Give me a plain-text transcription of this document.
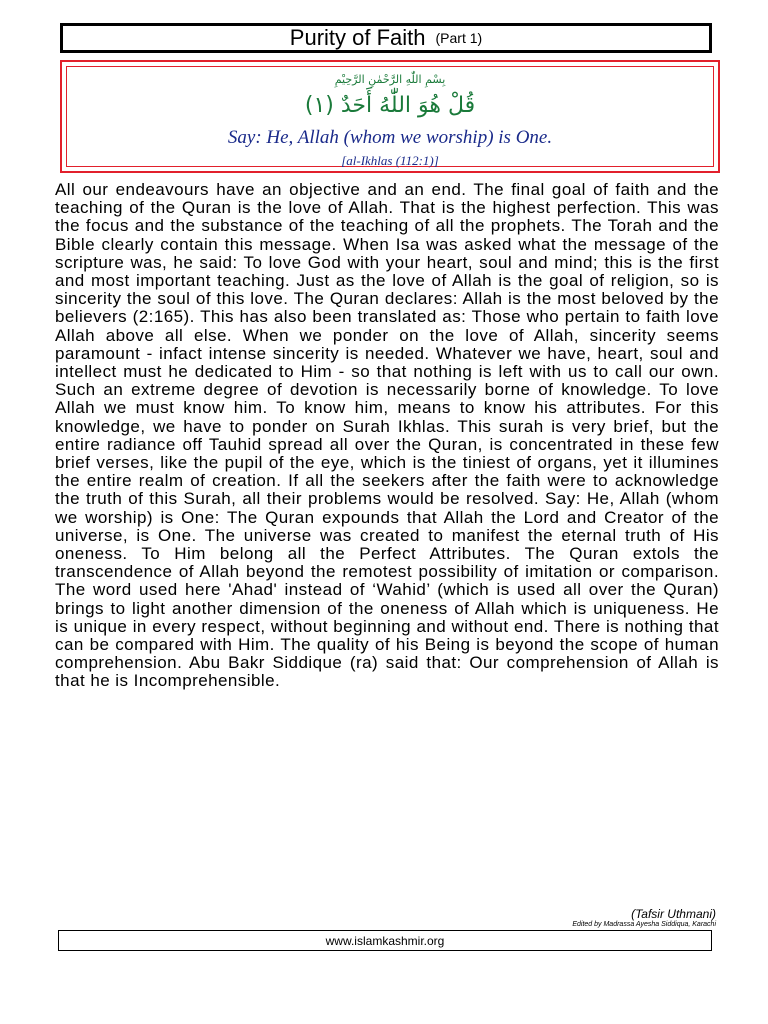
Purity of Faith (Part 1)
بِسْمِ اللّٰهِ الرَّحْمٰنِ الرَّحِيْمِ
قُلْ هُوَ اللّٰهُ أَحَدٌ (١)
Say: He, Allah (whom we worship) is One.
[al-Ikhlas (112:1)]

All our endeavours have an objective and an end. The final goal of faith and the teaching of the Quran is the love of Allah. That is the highest perfection. This was the focus and the substance of the teaching of all the prophets. The Torah and the Bible clearly contain this message. When Isa was asked what the message of the scripture was, he said: To love God with your heart, soul and mind; this is the first and most important teaching. Just as the love of Allah is the goal of religion, so is sincerity the soul of this love. The Quran declares: Allah is the most beloved by the believers (2:165). This has also been translated as: Those who pertain to faith love Allah above all else. When we ponder on the love of Allah, sincerity seems paramount - infact intense sincerity is needed. Whatever we have, heart, soul and intellect must he dedicated to Him - so that nothing is left with us to call our own. Such an extreme degree of devotion is necessarily borne of knowledge. To love Allah we must know him. To know him, means to know his attributes. For this knowledge, we have to ponder on Surah Ikhlas. This surah is very brief, but the entire radiance off Tauhid spread all over the Quran, is concentrated in these few brief verses, like the pupil of the eye, which is the tiniest of organs, yet it illumines the entire realm of creation. If all the seekers after the faith were to acknowledge the truth of this Surah, all their problems would be resolved. Say: He, Allah (whom we worship) is One: The Quran expounds that Allah the Lord and Creator of the universe, is One. The universe was created to manifest the eternal truth of His oneness. To Him belong all the Perfect Attributes. The Quran extols the transcendence of Allah beyond the remotest possibility of imitation or comparison. The word used here 'Ahad' instead of ‘Wahid’ (which is used all over the Quran) brings to light another dimension of the oneness of Allah which is uniqueness. He is unique in every respect, without beginning and without end. There is nothing that can be compared with Him. The quality of his Being is beyond the scope of human comprehension. Abu Bakr Siddique (ra) said that: Our comprehension of Allah is that he is Incomprehensible.

(Tafsir Uthmani)
Edited by Madrassa Ayesha Siddiqua, Karachi
www.islamkashmir.org
